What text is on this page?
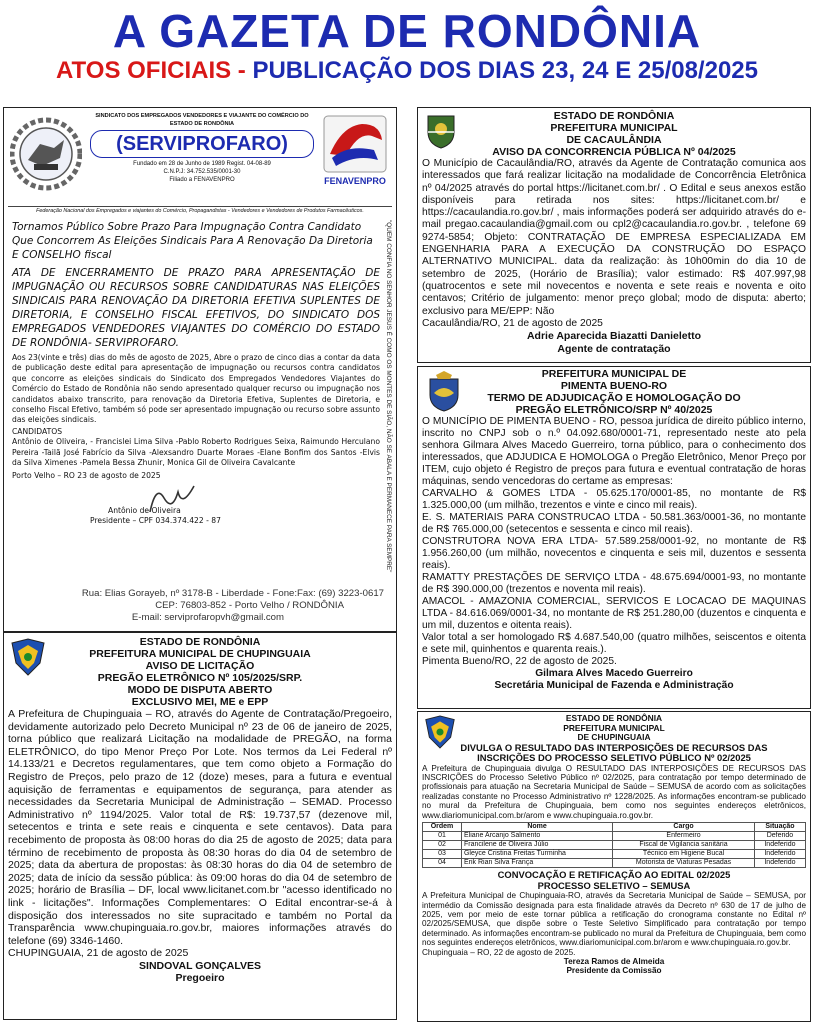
A GAZETA DE RONDÔNIA
ATOS OFICIAIS - PUBLICAÇÃO DOS DIAS 23, 24 E 25/08/2025
SINDICATO DOS EMPREGADOS VENDEDORES E VIAJANTE DO COMÉRCIO DO ESTADO DE RONDÔNIA
(SERVIPROFARO)
Fundado em 28 de Junho de 1989 Regist. 04-08-89
C.N.P.J: 34.752.535/0001-30
Filiado a FENAVENPRO	FENAVENPRO
Federação Nacional dos Empregados e viajantes do Comércio, Propagandistas - Vendedores e Vendedores de Produtos Farmacêuticos.

Tornamos Público Sobre Prazo Para Impugnação Contra Candidato Que Concorrem As Eleições Sindicais Para A Renovação Da Diretoria E CONSELHO fiscal

ATA DE ENCERRAMENTO DE PRAZO PARA APRESENTAÇÃO DE IMPUGNAÇÃO OU RECURSOS SOBRE CANDIDATURAS NAS ELEIÇÕES SINDICAIS PARA RENOVAÇÃO DA DIRETORIA EFETIVA SUPLENTES DE DIRETORIA, E CONSELHO FISCAL EFETIVOS, DO SINDICATO DOS EMPREGADOS VENDEDORES VIAJANTES DO COMÉRCIO DO ESTADO DE RONDÔNIA- SERVIPROFARO.

Aos 23(vinte e três) dias do mês de agosto de 2025, Abre o prazo de cinco dias a contar da data de publicação deste edital para apresentação de impugnação ou recursos contra candidatos que concorre as eleições sindicais do Sindicato dos Empregados Vendedores Viajantes do Comércio do Estado de Rondônia não sendo apresentado qualquer recurso ou impugnação nos candidatos abaixo transcrito, para renovação da Diretoria Efetiva, Suplentes de Diretoria, e conselho Fiscal Efetivo, também só pode ser apresentado impugnação ou recurso sobre assunto das eleições sindicais.

CANDIDATOS

Antônio de Oliveira, - Francislei Lima Silva -Pablo Roberto Rodrigues Seixa, Raimundo Herculano Pereira -Tailã José Fabrício da Silva -Alexsandro Duarte Moraes -Elane Bonfim dos Santos -Elvis da Silva Ximenes -Pamela Bessa Zhunir, Monica Gil de Oliveira Cavalcante

Porto Velho – RO 23 de agosto de 2025

Antônio de Oliveira

Presidente – CPF 034.374.422 - 87	"QUEM CONFIA NO SENHOR JESUS É COMO OS MONTES DE SIÃO, NÃO SE ABALA E PERMANECE PARA SEMPRE"
Rua: Elias Gorayeb, nº 3178-B - Liberdade - Fone:Fax: (69) 3223-0617
CEP: 76803-852 - Porto Velho / RONDÔNIA
E-mail: serviprofaropvh@gmail.com
ESTADO DE RONDÔNIA
PREFEITURA MUNICIPAL
DE CACAULÂNDIA
AVISO DA CONCORRENCIA PÚBLICA Nº 04/2025

O Município de Cacaulândia/RO, através da Agente de Contratação comunica aos interessados que fará realizar licitação na modalidade de Concorrência Eletrônica nº 04/2025 através do portal https://licitanet.com.br/ . O Edital e seus anexos estão disponíveis para retirada nos sites: https://licitanet.com.br/ e https://cacaulandia.ro.gov.br/ , mais informações poderá ser adquirido através do e-mail pregao.cacaulandia@gmail.com ou cpl2@cacaulandia.ro.gov.br. , telefone 69 9274-5854; Objeto: CONTRATAÇÃO DE EMPRESA ESPECIALIZADA EM ENGENHARIA PARA A EXECUÇÃO DA CONSTRUÇÃO DO ESPAÇO ALTERNATIVO MUNICIPAL. data da realização: às 10h00min do dia 10 de setembro de 2025, (Horário de Brasília); valor estimado: R$ 407.997,98 (quatrocentos e sete mil novecentos e noventa e sete reais e noventa e oito centavos; Critério de julgamento: menor preço global; modo de disputa: aberto; exclusivo para ME/EPP: Não

Cacaulândia/RO, 21 de agosto de 2025

Adrie Aparecida Biazatti Danieletto

Agente de contratação

PREFEITURA MUNICIPAL DE
PIMENTA BUENO-RO
TERMO DE ADJUDICAÇÃO E HOMOLOGAÇÃO DO
PREGÃO ELETRÔNICO/SRP Nº 40/2025

O MUNICÍPIO DE PIMENTA BUENO - RO, pessoa jurídica de direito público interno, inscrito no CNPJ sob o n.º 04.092.680/0001-71, representado neste ato pela senhora Gilmara Alves Macedo Guerreiro, torna público, para o conhecimento dos interessados, que ADJUDICA E HOMOLOGA o Pregão Eletrônico, Menor Preço por ITEM, cujo objeto é Registro de preços para futura e eventual contratação de horas máquinas, sendo vencedoras do certame as empresas:

CARVALHO & GOMES LTDA - 05.625.170/0001-85, no montante de R$ 1.325.000,00 (um milhão, trezentos e vinte e cinco mil reais).

E. S. MATERIAIS PARA CONSTRUCAO LTDA - 50.581.363/0001-36, no montante de R$ 765.000,00 (setecentos e sessenta e cinco mil reais).

CONSTRUTORA NOVA ERA LTDA- 57.589.258/0001-92, no montante de R$ 1.956.260,00 (um milhão, novecentos e cinquenta e seis mil, duzentos e sessenta reais).

RAMATTY PRESTAÇÕES DE SERVIÇO LTDA - 48.675.694/0001-93, no montante de R$ 390.000,00 (trezentos e noventa mil reais).

AMACOL - AMAZONIA COMERCIAL, SERVICOS E LOCACAO DE MAQUINAS LTDA - 84.616.069/0001-34, no montante de R$ 251.280,00 (duzentos e cinquenta e um mil, duzentos e oitenta reais).

Valor total a ser homologado R$ 4.687.540,00 (quatro milhões, seiscentos e oitenta e sete mil, quinhentos e quarenta reais.).

Pimenta Bueno/RO, 22 de agosto de 2025.

Gilmara Alves Macedo Guerreiro

Secretária Municipal de Fazenda e Administração

ESTADO DE RONDÔNIA
PREFEITURA MUNICIPAL DE CHUPINGUAIA
AVISO DE LICITAÇÃO
PREGÃO ELETRÔNICO Nº 105/2025/SRP.
MODO DE DISPUTA ABERTO
EXCLUSIVO MEI, ME e EPP

A Prefeitura de Chupinguaia – RO, através do Agente de Contratação/Pregoeiro, devidamente autorizado pelo Decreto Municipal nº 23 de 06 de janeiro de 2025, torna público que realizará Licitação na modalidade de PREGÃO, na forma ELETRÔNICO, do tipo Menor Preço Por Lote. Nos termos da Lei Federal nº 14.133/21 e Decretos regulamentares, que tem como objeto a Formação do Registro de Preços, pelo prazo de 12 (doze) meses, para a futura e eventual aquisição de ferramentas e equipamentos de segurança, para atender as necessidades da Secretaria Municipal de Administração – SEMAD. Processo Administrativo nº 1194/2025. Valor total de R$: 19.737,57 (dezenove mil, setecentos e trinta e sete reais e cinquenta e sete centavos). Data para recebimento de proposta às 08:00 horas do dia 25 de agosto de 2025; data para término de recebimento de proposta às 08:30 horas do dia 04 de setembro de 2025; data da abertura de propostas: às 08:30 horas do dia 04 de setembro de 2025; data de início da sessão pública: às 09:00 horas do dia 04 de setembro de 2025; horário de Brasília – DF, local www.licitanet.com.br "acesso identificado no link - licitações". Informações Complementares: O Edital encontrar-se-á à disposição dos interessados no site supracitado e também no Portal da Transparência www.chupinguaia.ro.gov.br, maiores informações através do telefone (69) 3346-1460.

CHUPINGUAIA, 21 de agosto de 2025

SINDOVAL GONÇALVES

Pregoeiro

ESTADO DE RONDÔNIA
PREFEITURA MUNICIPAL
DE CHUPINGUAIA
DIVULGA O RESULTADO DAS INTERPOSIÇÕES DE RECURSOS DAS
INSCRIÇÕES DO PROCESSO SELETIVO PÚBLICO Nº 02/2025

A Prefeitura de Chupinguaia divulga O RESULTADO DAS INTERPOSIÇÕES DE RECURSOS DAS INSCRIÇÕES do Processo Seletivo Público nº 02/2025, para contratação por tempo determinado de profissionais para atuação na Secretaria Municipal de Saúde – SEMUSA de acordo com as solicitações realizadas constante no Processo Administrativo nº 1228/2025. As informações encontram-se publicado no mural da Prefeitura de Chupinguaia, bem como nos seguintes endereços eletrônicos, www.diariomunicipal.com.br/arom e www.chupinguaia.ro.gov.br.

Ordem	Nome	Cargo	Situação
01	Eliane Arcanjo Salmento	Enfermeiro	Deferido
02	Francilene de Oliveira Júlio	Fiscal de Vigilancia sanitária	Indeferido
03	Gleyce Cristina Freitas Turminha	Técnico em Higiene Bucal	Indeferido
04	Erik Rian Silva França	Motorista de Viaturas Pesadas	Indeferido
CONVOCAÇÃO E RETIFICAÇÃO AO EDITAL 02/2025
PROCESSO SELETIVO – SEMUSA

A Prefeitura Municipal de Chupinguaia-RO, através da Secretaria Municipal de Saúde – SEMUSA, por intermédio da Comissão designada para esta finalidade através da Decreto nº 630 de 17 de julho de 2025, vem por meio de este tornar pública a retificação do cronograma constante no Edital nº 02/2025/SEMUSA, que dispõe sobre o Teste Seletivo Simplificado para contratação por tempo determinado. As informações encontram-se publicado no mural da Prefeitura de Chupinguaia, bem como nos seguintes endereços eletrônicos, www.diariomunicipal.com.br/arom e www.chupinguaia.ro.gov.br.

Chupinguaia – RO, 22 de agosto de 2025.

Tereza Ramos de Almeida

Presidente da Comissão
